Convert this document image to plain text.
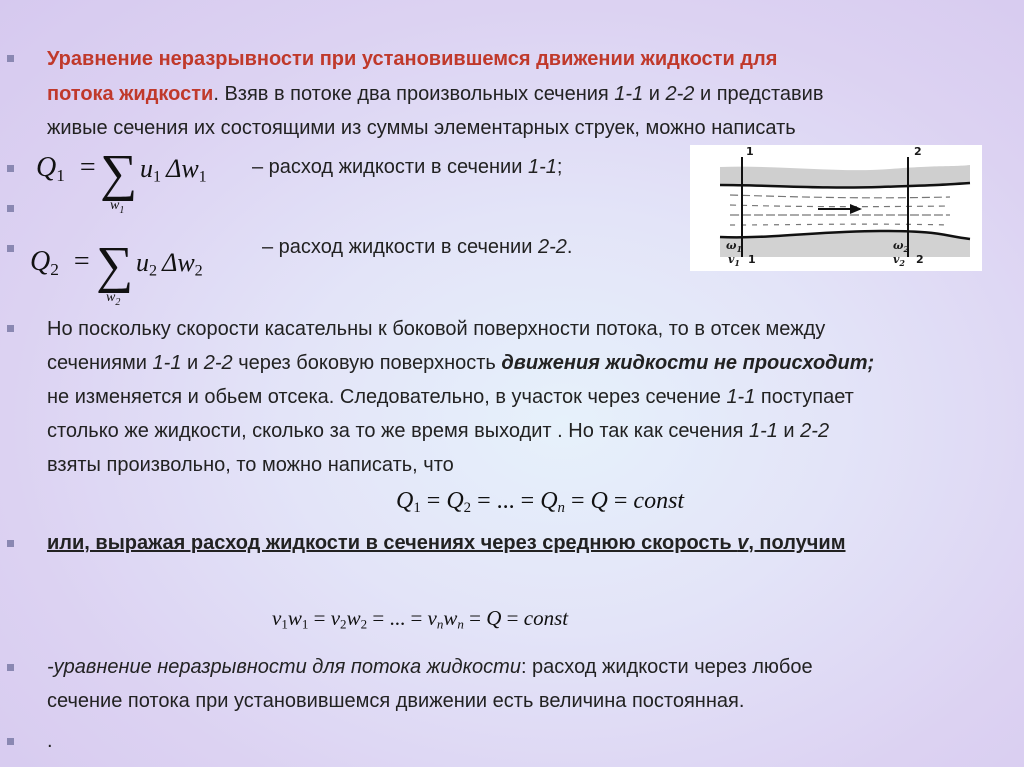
Уравнение неразрывности при установившемся движении жидкости для
потока жидкости. Взяв в потоке два произвольных сечения 1-1 и 2-2 и представив
живые сечения их состоящими из суммы элементарных струек, можно написать
$Q_1$ = ∑
$w_1$
$u_1$ $\Delta w_1$ – расход жидкости в сечении 1-1;
$Q_2$ = ∑
$w_2$
$u_2$ $\Delta w_2$
– расход жидкости в сечении 2-2.
1	2
$\omega_1$
$v_1$ 1
$\omega_2$
$v_2$ 2
Но поскольку скорости касательны к боковой поверхности потока, то в отсек между
сечениями 1-1 и 2-2 через боковую поверхность движения жидкости не происходит;
не изменяется и обьем отсека. Следовательно, в участок через сечение 1-1 поступает
столько же жидкости, сколько за то же время выходит . Но так как сечения 1-1 и 2-2
взяты произвольно, то можно написать, что
$Q_1 = Q_2$ = ... = $Q_n = Q$ = const
или, выражая расход жидкости в сечениях через среднюю скорость v, получим
$v_1w_1 = v_2w_2$ = ... = $v_nw_n = Q$ = const
-уравнение неразрывности для потока жидкости: расход жидкости через любое
сечение потока при установившемся движении есть величина постоянная.
.
